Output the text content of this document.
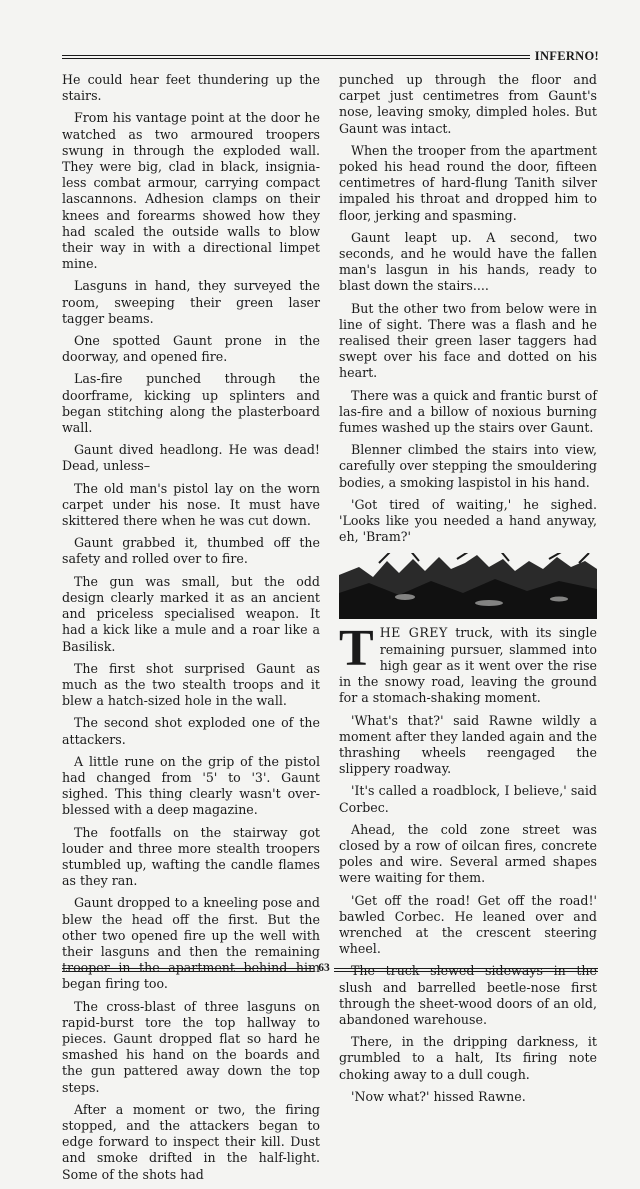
INFERNO!

He could hear feet thundering up the stairs.

From his vantage point at the door he watched as two armoured troopers swung in through the exploded wall. They were big, clad in black, insignia-less combat armour, carrying compact lascannons. Adhesion clamps on their knees and forearms showed how they had scaled the outside walls to blow their way in with a directional limpet mine.

Lasguns in hand, they surveyed the room, sweeping their green laser tagger beams.

One spotted Gaunt prone in the doorway, and opened fire.

Las-fire punched through the doorframe, kicking up splinters and began stitching along the plasterboard wall.

Gaunt dived headlong. He was dead! Dead, unless–

The old man's pistol lay on the worn carpet under his nose. It must have skittered there when he was cut down.

Gaunt grabbed it, thumbed off the safety and rolled over to fire.

The gun was small, but the odd design clearly marked it as an ancient and priceless specialised weapon. It had a kick like a mule and a roar like a Basilisk.

The first shot surprised Gaunt as much as the two stealth troops and it blew a hatch-sized hole in the wall.

The second shot exploded one of the attackers.

A little rune on the grip of the pistol had changed from '5' to '3'. Gaunt sighed. This thing clearly wasn't over-blessed with a deep magazine.

The footfalls on the stairway got louder and three more stealth troopers stumbled up, wafting the candle flames as they ran.

Gaunt dropped to a kneeling pose and blew the head off the first. But the other two opened fire up the well with their lasguns and then the remaining trooper in the apartment behind him began firing too.

The cross-blast of three lasguns on rapid-burst tore the top hallway to pieces. Gaunt dropped flat so hard he smashed his hand on the boards and the gun pattered away down the top steps.

After a moment or two, the firing stopped, and the attackers began to edge forward to inspect their kill. Dust and smoke drifted in the half-light. Some of the shots had

punched up through the floor and carpet just centimetres from Gaunt's nose, leaving smoky, dimpled holes. But Gaunt was intact.

When the trooper from the apartment poked his head round the door, fifteen centimetres of hard-flung Tanith silver impaled his throat and dropped him to floor, jerking and spasming.

Gaunt leapt up. A second, two seconds, and he would have the fallen man's lasgun in his hands, ready to blast down the stairs....

But the other two from below were in line of sight. There was a flash and he realised their green laser taggers had swept over his face and dotted on his heart.

There was a quick and frantic burst of las-fire and a billow of noxious burning fumes washed up the stairs over Gaunt.

Blenner climbed the stairs into view, carefully over stepping the smouldering bodies, a smoking laspistol in his hand.

'Got tired of waiting,' he sighed. 'Looks like you needed a hand anyway, eh, 'Bram?'

THE GREY truck, with its single remaining pursuer, slammed into high gear as it went over the rise in the snowy road, leaving the ground for a stomach-shaking moment.

'What's that?' said Rawne wildly a moment after they landed again and the thrashing wheels reengaged the slippery roadway.

'It's called a roadblock, I believe,' said Corbec.

Ahead, the cold zone street was closed by a row of oilcan fires, concrete poles and wire. Several armed shapes were waiting for them.

'Get off the road! Get off the road!' bawled Corbec. He leaned over and wrenched at the crescent steering wheel.

The truck slewed sideways in the slush and barrelled beetle-nose first through the sheet-wood doors of an old, abandoned warehouse.

There, in the dripping darkness, it grumbled to a halt, Its firing note choking away to a dull cough.

'Now what?' hissed Rawne.

63
